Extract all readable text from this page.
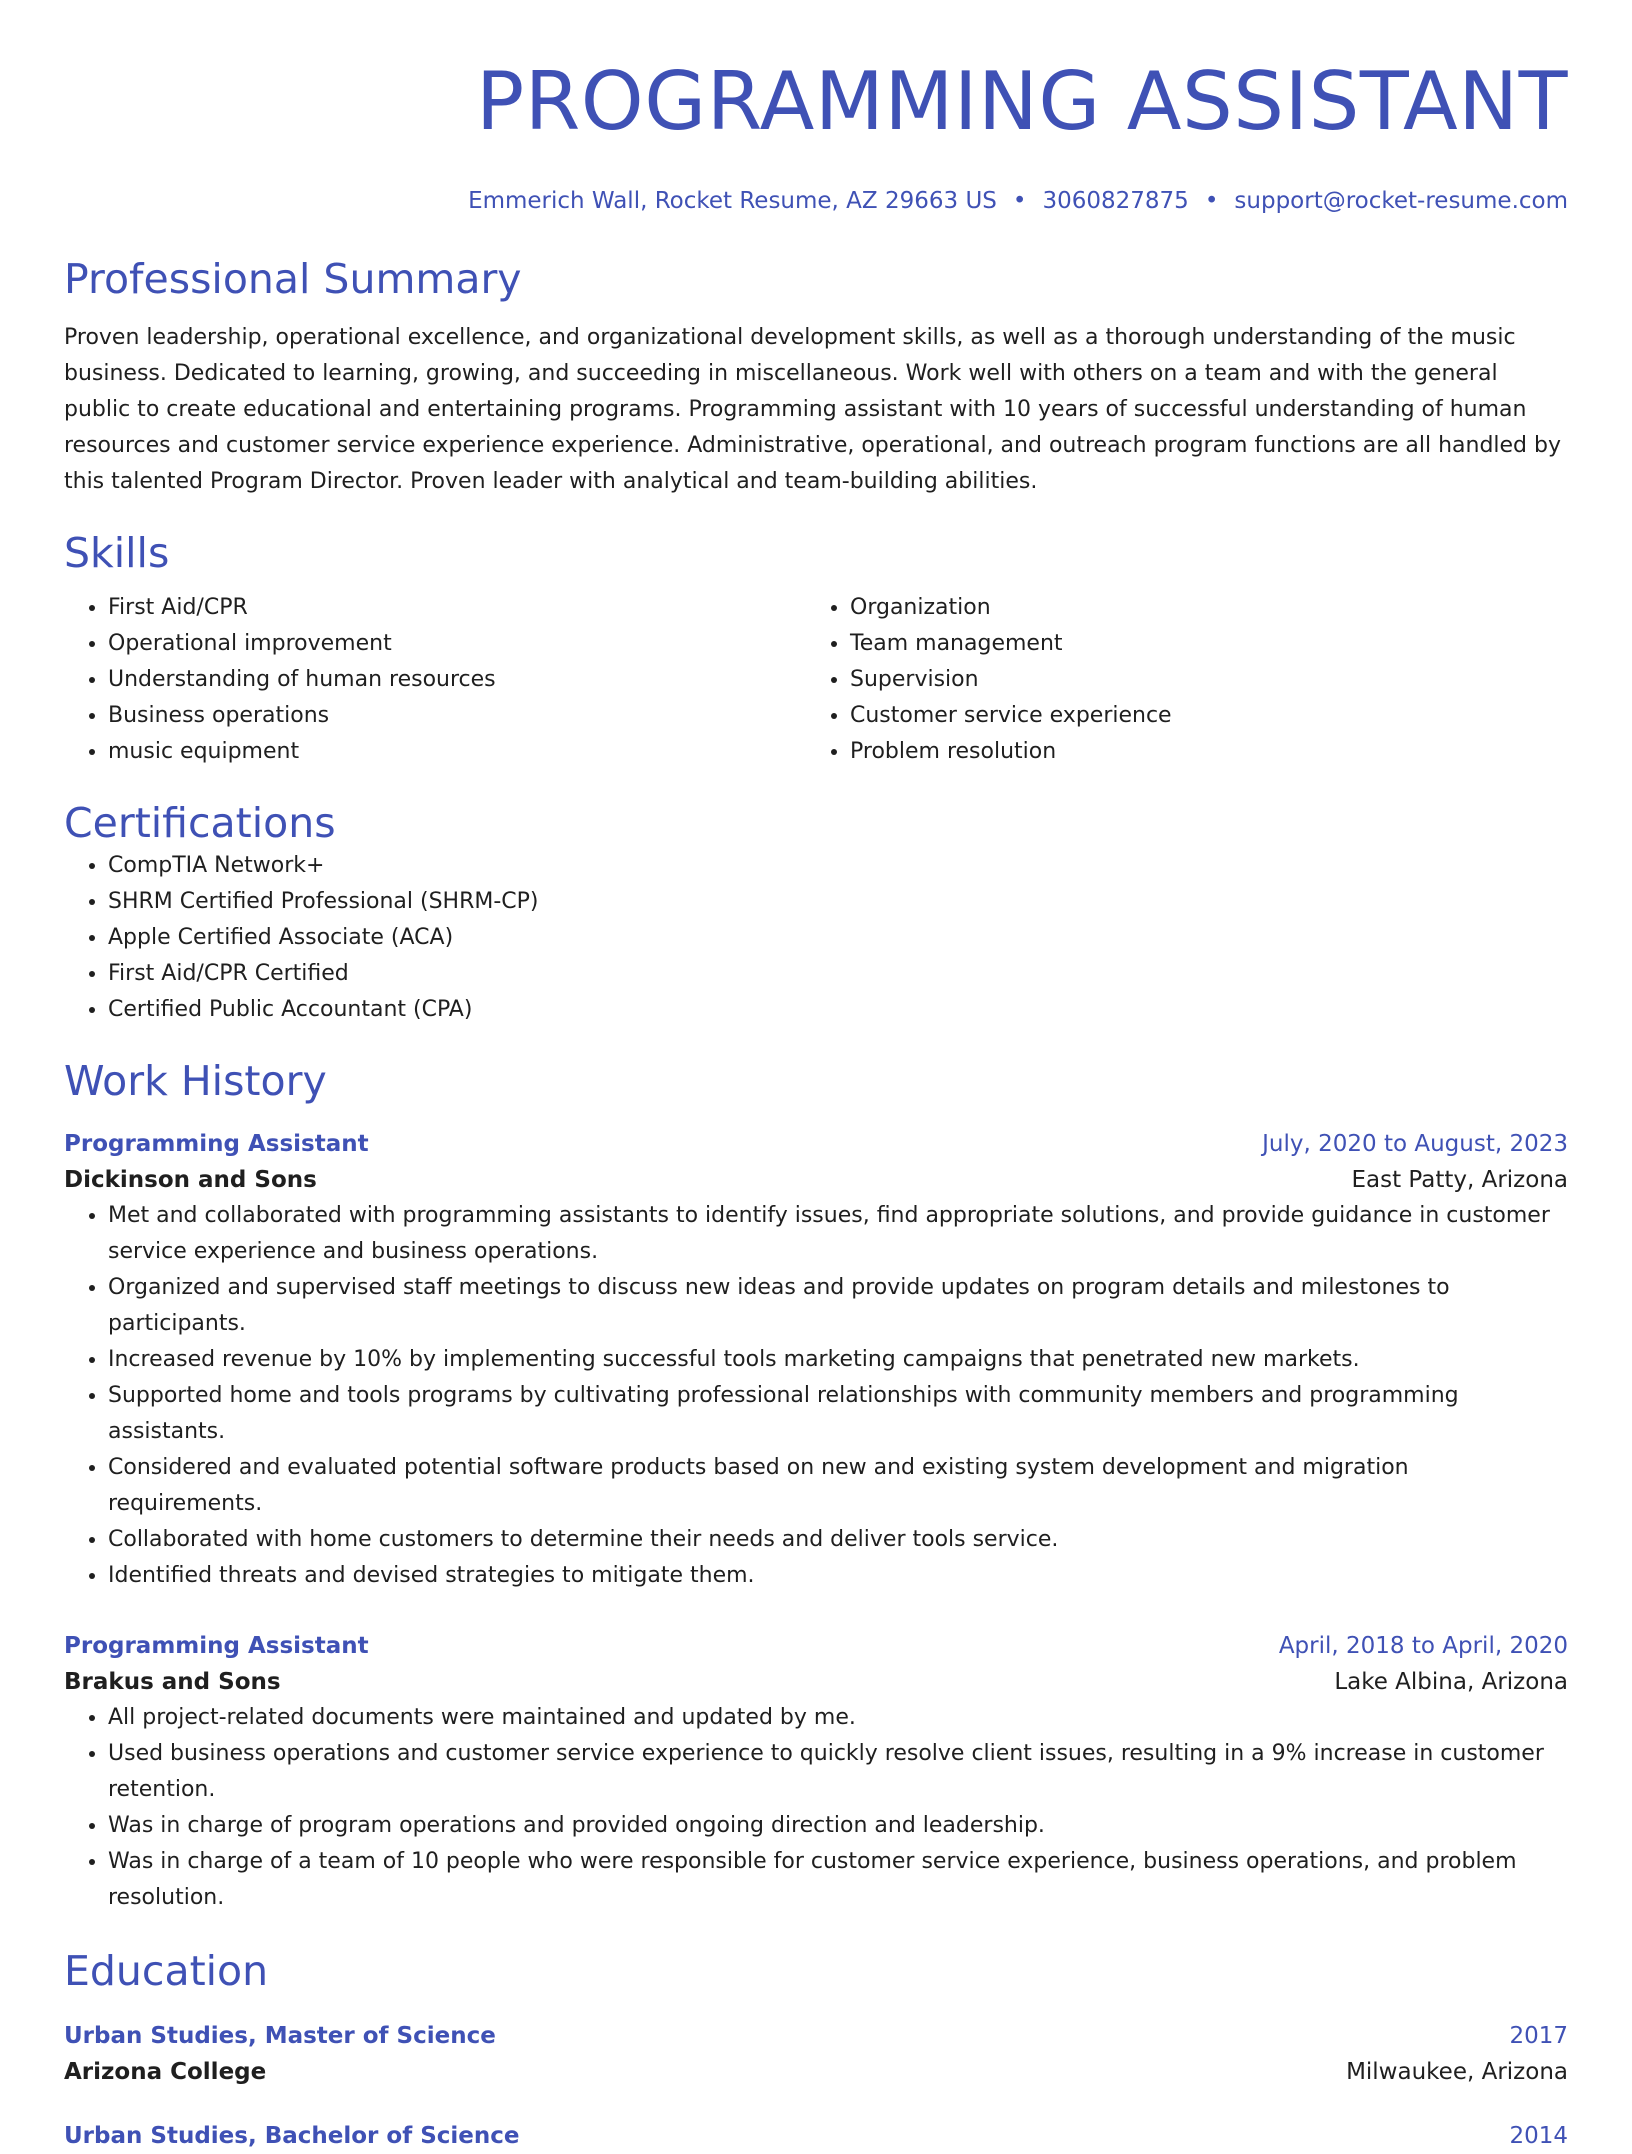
PROGRAMMING ASSISTANT
Emmerich Wall, Rocket Resume, AZ 29663 US • 3060827875 • support@rocket-resume.com
Professional Summary

Proven leadership, operational excellence, and organizational development skills, as well as a thorough understanding of the music business. Dedicated to learning, growing, and succeeding in miscellaneous. Work well with others on a team and with the general public to create educational and entertaining programs. Programming assistant with 10 years of successful understanding of human resources and customer service experience experience. Administrative, operational, and outreach program functions are all handled by this talented Program Director. Proven leader with analytical and team-building abilities.

Skills
• First Aid/CPR
• Operational improvement
• Understanding of human resources
• Business operations
• music equipment
• Organization
• Team management
• Supervision
• Customer service experience
• Problem resolution
Certifications
• CompTIA Network+
• SHRM Certified Professional (SHRM-CP)
• Apple Certified Associate (ACA)
• First Aid/CPR Certified
• Certified Public Accountant (CPA)
Work History
Programming Assistant	July, 2020 to August, 2023
Dickinson and Sons	East Patty, Arizona
• Met and collaborated with programming assistants to identify issues, find appropriate solutions, and provide guidance in customer service experience and business operations.
• Organized and supervised staff meetings to discuss new ideas and provide updates on program details and milestones to participants.
• Increased revenue by 10% by implementing successful tools marketing campaigns that penetrated new markets.
• Supported home and tools programs by cultivating professional relationships with community members and programming assistants.
• Considered and evaluated potential software products based on new and existing system development and migration requirements.
• Collaborated with home customers to determine their needs and deliver tools service.
• Identified threats and devised strategies to mitigate them.
Programming Assistant	April, 2018 to April, 2020
Brakus and Sons	Lake Albina, Arizona
• All project-related documents were maintained and updated by me.
• Used business operations and customer service experience to quickly resolve client issues, resulting in a 9% increase in customer retention.
• Was in charge of program operations and provided ongoing direction and leadership.
• Was in charge of a team of 10 people who were responsible for customer service experience, business operations, and problem resolution.
Education
Urban Studies, Master of Science	2017
Arizona College	Milwaukee, Arizona
Urban Studies, Bachelor of Science	2014
